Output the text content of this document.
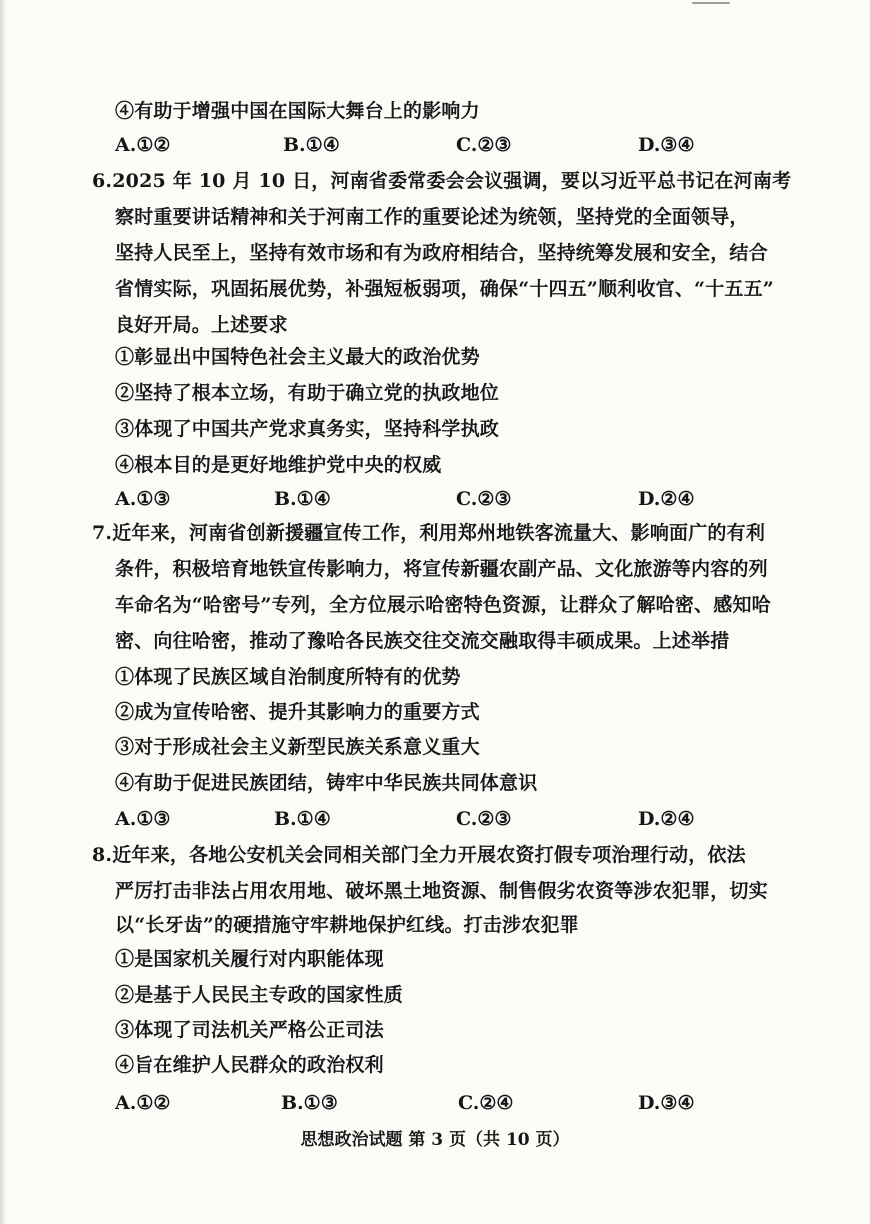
④有助于增强中国在国际大舞台上的影响力
A.①②	B.①④	C.②③	D.③④
6.2025 年 10 月 10 日，河南省委常委会会议强调，要以习近平总书记在河南考
察时重要讲话精神和关于河南工作的重要论述为统领，坚持党的全面领导，
坚持人民至上，坚持有效市场和有为政府相结合，坚持统筹发展和安全，结合
省情实际，巩固拓展优势，补强短板弱项，确保“十四五”顺利收官、“十五五”
良好开局。上述要求
①彰显出中国特色社会主义最大的政治优势
②坚持了根本立场，有助于确立党的执政地位
③体现了中国共产党求真务实，坚持科学执政
④根本目的是更好地维护党中央的权威
A.①③	B.①④	C.②③	D.②④
7.近年来，河南省创新援疆宣传工作，利用郑州地铁客流量大、影响面广的有利
条件，积极培育地铁宣传影响力，将宣传新疆农副产品、文化旅游等内容的列
车命名为“哈密号”专列，全方位展示哈密特色资源，让群众了解哈密、感知哈
密、向往哈密，推动了豫哈各民族交往交流交融取得丰硕成果。上述举措
①体现了民族区域自治制度所特有的优势
②成为宣传哈密、提升其影响力的重要方式
③对于形成社会主义新型民族关系意义重大
④有助于促进民族团结，铸牢中华民族共同体意识
A.①③	B.①④	C.②③	D.②④
8.近年来，各地公安机关会同相关部门全力开展农资打假专项治理行动，依法
严厉打击非法占用农用地、破坏黑土地资源、制售假劣农资等涉农犯罪，切实
以“长牙齿”的硬措施守牢耕地保护红线。打击涉农犯罪
①是国家机关履行对内职能体现
②是基于人民民主专政的国家性质
③体现了司法机关严格公正司法
④旨在维护人民群众的政治权利
A.①②	B.①③	C.②④	D.③④
思想政治试题 第 3 页（共 10 页）
